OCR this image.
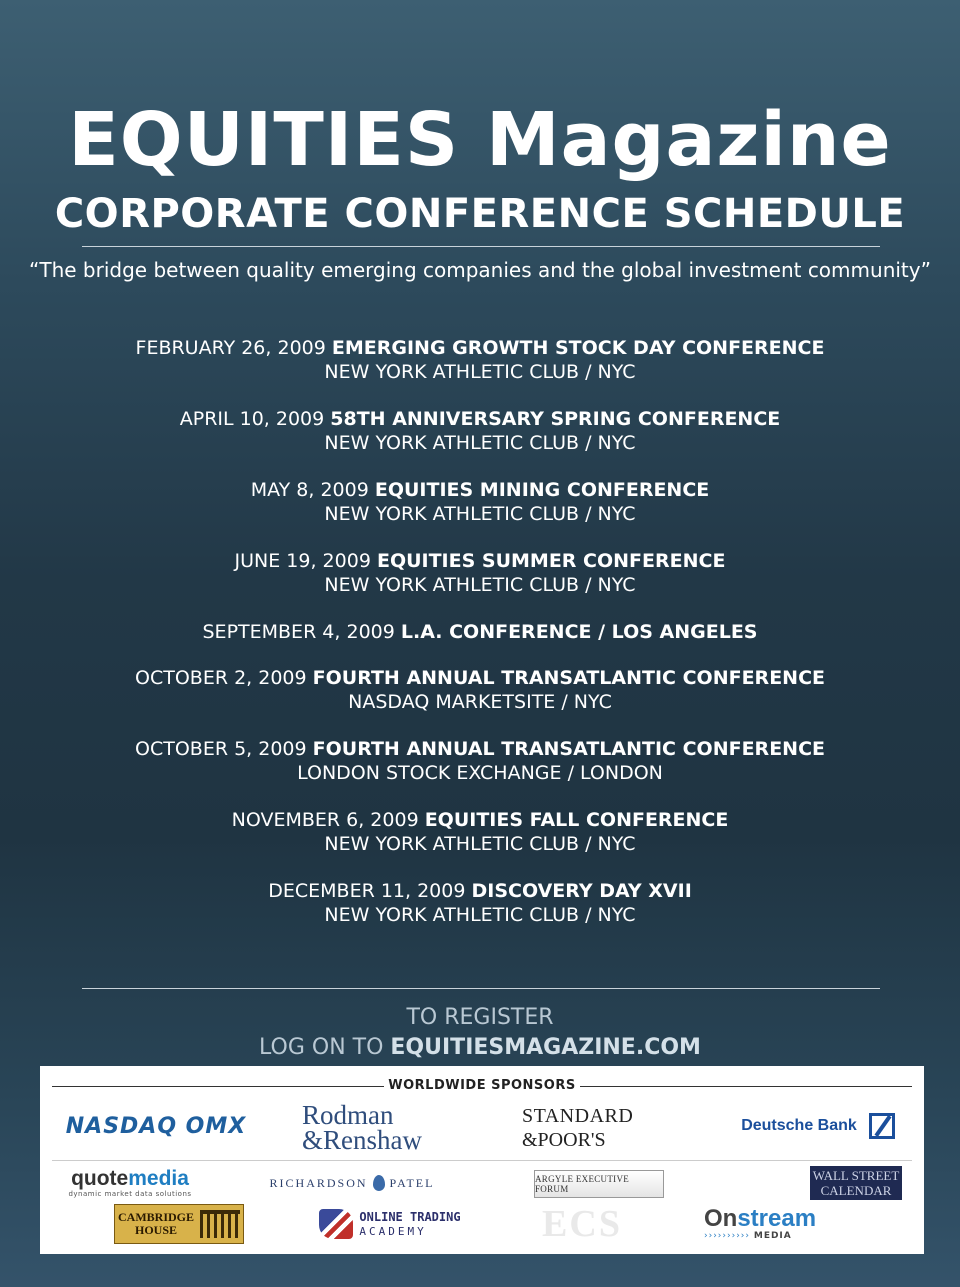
EQUITIES Magazine
CORPORATE CONFERENCE SCHEDULE
“The bridge between quality emerging companies and the global investment community”
FEBRUARY 26, 2009 EMERGING GROWTH STOCK DAY CONFERENCE
NEW YORK ATHLETIC CLUB / NYC
APRIL 10, 2009 58TH ANNIVERSARY SPRING CONFERENCE
NEW YORK ATHLETIC CLUB / NYC
MAY 8, 2009 EQUITIES MINING CONFERENCE
NEW YORK ATHLETIC CLUB / NYC
JUNE 19, 2009 EQUITIES SUMMER CONFERENCE
NEW YORK ATHLETIC CLUB / NYC
SEPTEMBER 4, 2009 L.A. CONFERENCE / LOS ANGELES
OCTOBER 2, 2009 FOURTH ANNUAL TRANSATLANTIC CONFERENCE
NASDAQ MARKETSITE / NYC
OCTOBER 5, 2009 FOURTH ANNUAL TRANSATLANTIC CONFERENCE
LONDON STOCK EXCHANGE / LONDON
NOVEMBER 6, 2009 EQUITIES FALL CONFERENCE
NEW YORK ATHLETIC CLUB / NYC
DECEMBER 11, 2009 DISCOVERY DAY XVII
NEW YORK ATHLETIC CLUB / NYC
TO REGISTER
LOG ON TO EQUITIESMAGAZINE.COM
WORLDWIDE SPONSORS
NASDAQ OMX Rodman
&Renshaw
STANDARD
&POOR'S
Deutsche Bank
quotemedia
dynamic market data solutions
RICHARDSON PATEL	ARGYLE EXECUTIVE FORUM
WALL STREET
CALENDAR
CAMBRIDGE
HOUSE
ONLINE TRADING
ACADEMY	ECS	Onstream
›››››››››› MEDIA
